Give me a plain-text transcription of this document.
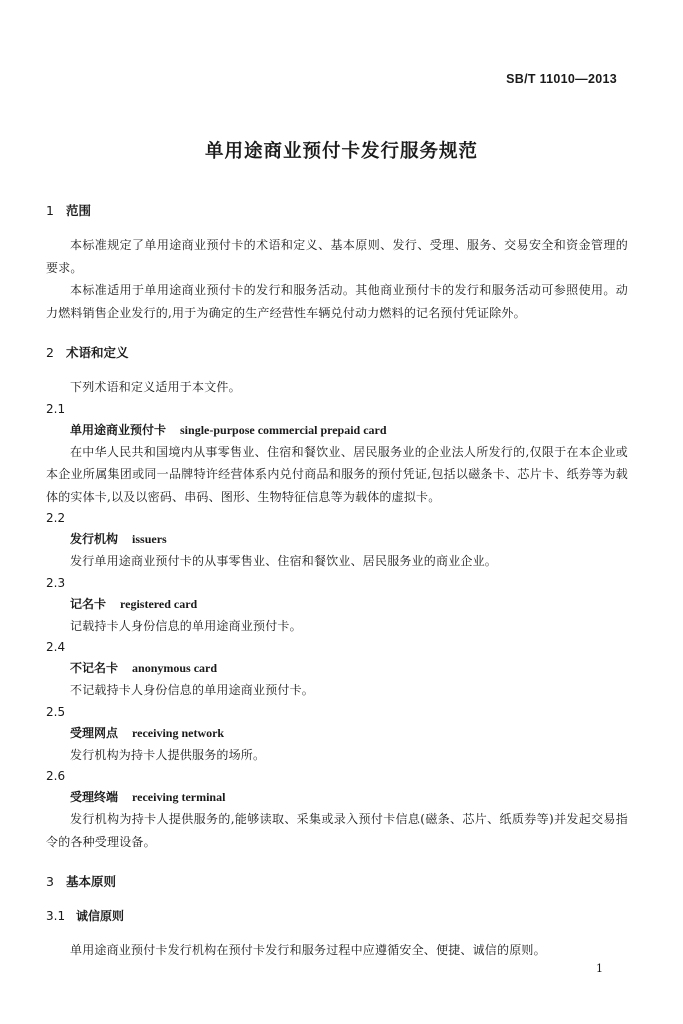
SB/T 11010—2013
单用途商业预付卡发行服务规范
1 范围
本标准规定了单用途商业预付卡的术语和定义、基本原则、发行、受理、服务、交易安全和资金管理的要求。
本标准适用于单用途商业预付卡的发行和服务活动。其他商业预付卡的发行和服务活动可参照使用。动力燃料销售企业发行的,用于为确定的生产经营性车辆兑付动力燃料的记名预付凭证除外。
2 术语和定义
下列术语和定义适用于本文件。
2.1
单用途商业预付卡 single-purpose commercial prepaid card
在中华人民共和国境内从事零售业、住宿和餐饮业、居民服务业的企业法人所发行的,仅限于在本企业或本企业所属集团或同一品牌特许经营体系内兑付商品和服务的预付凭证,包括以磁条卡、芯片卡、纸券等为载体的实体卡,以及以密码、串码、图形、生物特征信息等为载体的虚拟卡。
2.2
发行机构 issuers
发行单用途商业预付卡的从事零售业、住宿和餐饮业、居民服务业的商业企业。
2.3
记名卡 registered card
记载持卡人身份信息的单用途商业预付卡。
2.4
不记名卡 anonymous card
不记载持卡人身份信息的单用途商业预付卡。
2.5
受理网点 receiving network
发行机构为持卡人提供服务的场所。
2.6
受理终端 receiving terminal
发行机构为持卡人提供服务的,能够读取、采集或录入预付卡信息(磁条、芯片、纸质券等)并发起交易指令的各种受理设备。
3 基本原则
3.1 诚信原则
单用途商业预付卡发行机构在预付卡发行和服务过程中应遵循安全、便捷、诚信的原则。
1
